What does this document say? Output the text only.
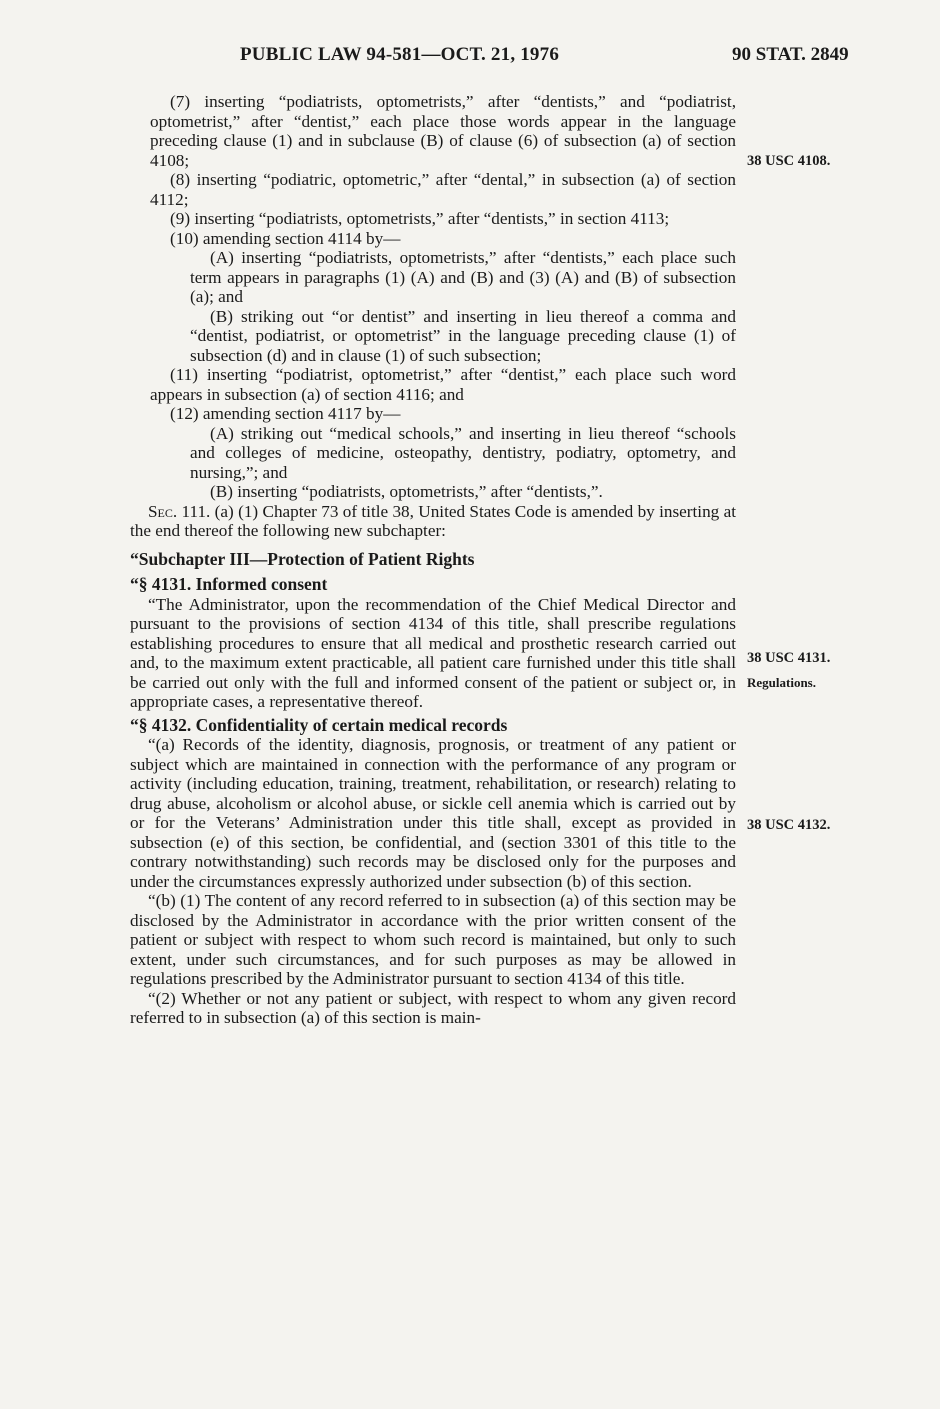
PUBLIC LAW 94-581—OCT. 21, 1976	90 STAT. 2849

(7) inserting “podiatrists, optometrists,” after “dentists,” and “podiatrist, optometrist,” after “dentist,” each place those words appear in the language preceding clause (1) and in subclause (B) of clause (6) of subsection (a) of section 4108;

(8) inserting “podiatric, optometric,” after “dental,” in subsection (a) of section 4112;

(9) inserting “podiatrists, optometrists,” after “dentists,” in section 4113;

(10) amending section 4114 by—

(A) inserting “podiatrists, optometrists,” after “dentists,” each place such term appears in paragraphs (1) (A) and (B) and (3) (A) and (B) of subsection (a); and

(B) striking out “or dentist” and inserting in lieu thereof a comma and “dentist, podiatrist, or optometrist” in the language preceding clause (1) of subsection (d) and in clause (1) of such subsection;

(11) inserting “podiatrist, optometrist,” after “dentist,” each place such word appears in subsection (a) of section 4116; and

(12) amending section 4117 by—

(A) striking out “medical schools,” and inserting in lieu thereof “schools and colleges of medicine, osteopathy, dentistry, podiatry, optometry, and nursing,”; and

(B) inserting “podiatrists, optometrists,” after “dentists,”.

Sec. 111. (a) (1) Chapter 73 of title 38, United States Code is amended by inserting at the end thereof the following new subchapter:

“Subchapter III—Protection of Patient Rights

“§ 4131. Informed consent

“The Administrator, upon the recommendation of the Chief Medical Director and pursuant to the provisions of section 4134 of this title, shall prescribe regulations establishing procedures to ensure that all medical and prosthetic research carried out and, to the maximum extent practicable, all patient care furnished under this title shall be carried out only with the full and informed consent of the patient or subject or, in appropriate cases, a representative thereof.

“§ 4132. Confidentiality of certain medical records

“(a) Records of the identity, diagnosis, prognosis, or treatment of any patient or subject which are maintained in connection with the performance of any program or activity (including education, training, treatment, rehabilitation, or research) relating to drug abuse, alcoholism or alcohol abuse, or sickle cell anemia which is carried out by or for the Veterans’ Administration under this title shall, except as provided in subsection (e) of this section, be confidential, and (section 3301 of this title to the contrary notwithstanding) such records may be disclosed only for the purposes and under the circumstances expressly authorized under subsection (b) of this section.

“(b) (1) The content of any record referred to in subsection (a) of this section may be disclosed by the Administrator in accordance with the prior written consent of the patient or subject with respect to whom such record is maintained, but only to such extent, under such circumstances, and for such purposes as may be allowed in regulations prescribed by the Administrator pursuant to section 4134 of this title.

“(2) Whether or not any patient or subject, with respect to whom any given record referred to in subsection (a) of this section is main-

38 USC 4108.
38 USC 4131.
Regulations.
38 USC 4132.
